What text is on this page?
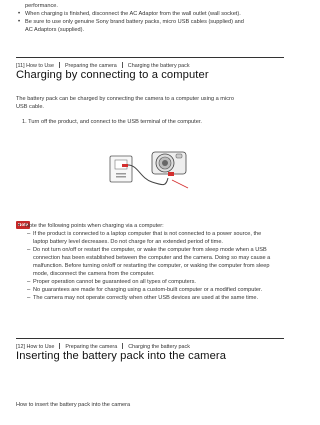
performance.
• When charging is finished, disconnect the AC Adaptor from the wall outlet (wall socket).
• Be sure to use only genuine Sony brand battery packs, micro USB cables (supplied) and
AC Adaptors (supplied).
[11] How to Use Preparing the camera Charging the battery pack
Charging by connecting to a computer
The battery pack can be charged by connecting the camera to a computer using a micro
USB cable.
1. Turn off the product, and connect to the USB terminal of the computer.
Note
• Note the following points when charging via a computer:
– If the product is connected to a laptop computer that is not connected to a power source, the
laptop battery level decreases. Do not charge for an extended period of time.
– Do not turn on/off or restart the computer, or wake the computer from sleep mode when a USB
connection has been established between the computer and the camera. Doing so may cause a
malfunction. Before turning on/off or restarting the computer, or waking the computer from sleep
mode, disconnect the camera from the computer.
– Proper operation cannot be guaranteed on all types of computers.
– No guarantees are made for charging using a custom-built computer or a modified computer.
– The camera may not operate correctly when other USB devices are used at the same time.
[12] How to Use Preparing the camera Charging the battery pack
Inserting the battery pack into the camera
How to insert the battery pack into the camera
